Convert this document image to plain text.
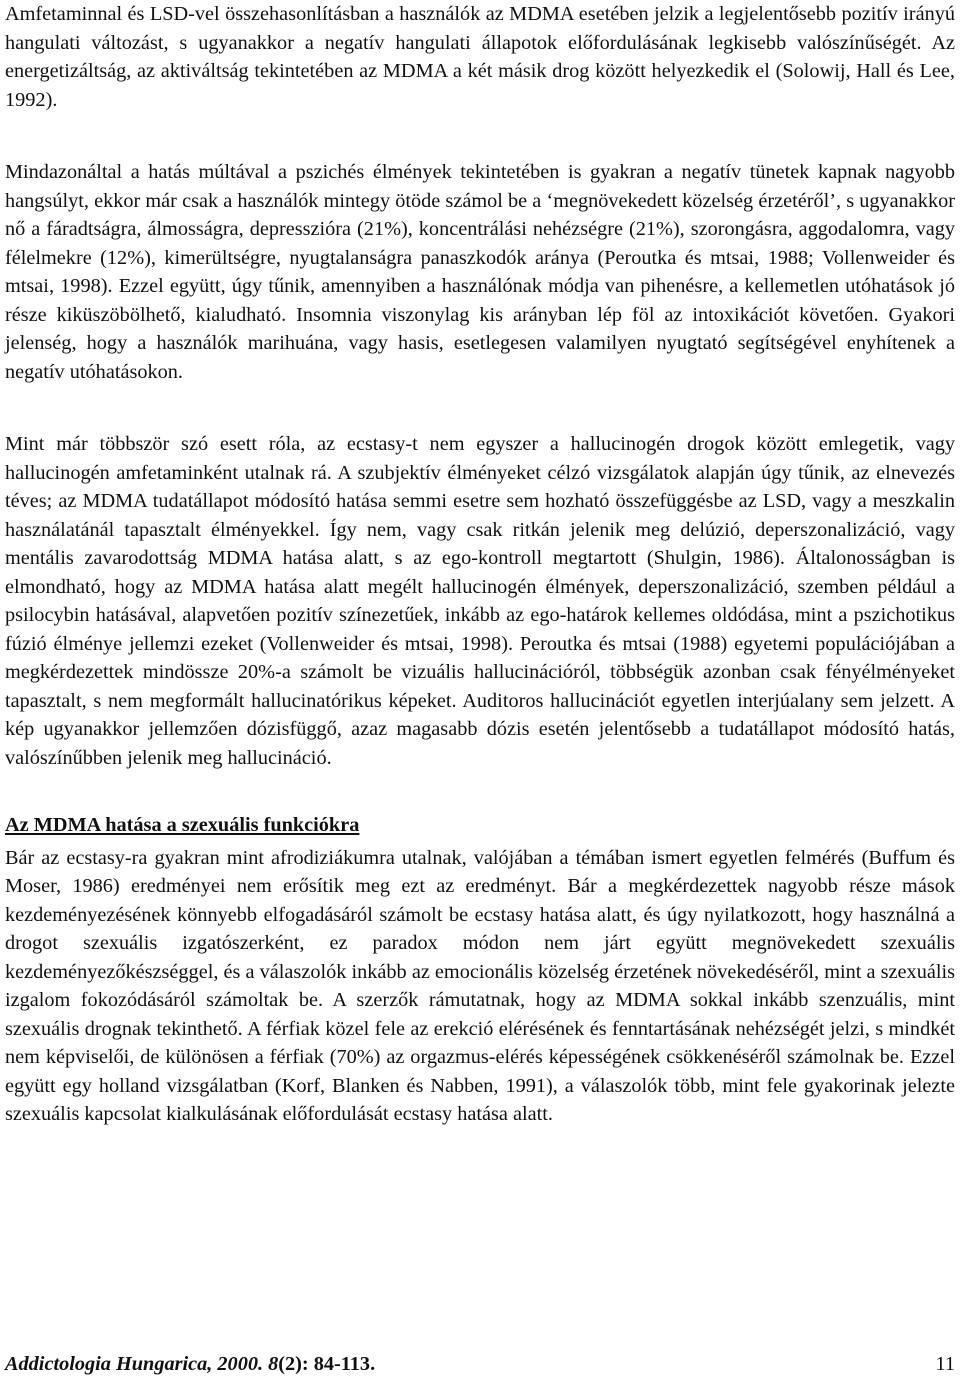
Amfetaminnal és LSD-vel összehasonlításban a használók az MDMA esetében jelzik a legjelentősebb pozitív irányú hangulati változást, s ugyanakkor a negatív hangulati állapotok előfordulásának legkisebb valószínűségét. Az energetizáltság, az aktiváltság tekintetében az MDMA a két másik drog között helyezkedik el (Solowij, Hall és Lee, 1992).

Mindazonáltal a hatás múltával a pszichés élmények tekintetében is gyakran a negatív tünetek kapnak nagyobb hangsúlyt, ekkor már csak a használók mintegy ötöde számol be a ‘megnövekedett közelség érzetéről’, s ugyanakkor nő a fáradtságra, álmosságra, depresszióra (21%), koncentrálási nehézségre (21%), szorongásra, aggodalomra, vagy félelmekre (12%), kimerültségre, nyugtalanságra panaszkodók aránya (Peroutka és mtsai, 1988; Vollenweider és mtsai, 1998). Ezzel együtt, úgy tűnik, amennyiben a használónak módja van pihenésre, a kellemetlen utóhatások jó része kiküszöbölhető, kialudható. Insomnia viszonylag kis arányban lép föl az intoxikációt követően. Gyakori jelenség, hogy a használók marihuána, vagy hasis, esetlegesen valamilyen nyugtató segítségével enyhítenek a negatív utóhatásokon.

Mint már többször szó esett róla, az ecstasy-t nem egyszer a hallucinogén drogok között emlegetik, vagy hallucinogén amfetaminként utalnak rá. A szubjektív élményeket célzó vizsgálatok alapján úgy tűnik, az elnevezés téves; az MDMA tudatállapot módosító hatása semmi esetre sem hozható összefüggésbe az LSD, vagy a meszkalin használatánál tapasztalt élményekkel. Így nem, vagy csak ritkán jelenik meg delúzió, deperszonalizáció, vagy mentális zavarodottság MDMA hatása alatt, s az ego-kontroll megtartott (Shulgin, 1986). Általonosságban is elmondható, hogy az MDMA hatása alatt megélt hallucinogén élmények, deperszonalizáció, szemben például a psilocybin hatásával, alapvetően pozitív színezetűek, inkább az ego-határok kellemes oldódása, mint a pszichotikus fúzió élménye jellemzi ezeket (Vollenweider és mtsai, 1998). Peroutka és mtsai (1988) egyetemi populációjában a megkérdezettek mindössze 20%-a számolt be vizuális hallucinációról, többségük azonban csak fényélményeket tapasztalt, s nem megformált hallucinatórikus képeket. Auditoros hallucinációt egyetlen interjúalany sem jelzett. A kép ugyanakkor jellemzően dózisfüggő, azaz magasabb dózis esetén jelentősebb a tudatállapot módosító hatás, valószínűbben jelenik meg hallucináció.

Az MDMA hatása a szexuális funkciókra

Bár az ecstasy-ra gyakran mint afrodiziákumra utalnak, valójában a témában ismert egyetlen felmérés (Buffum és Moser, 1986) eredményei nem erősítik meg ezt az eredményt. Bár a megkérdezettek nagyobb része mások kezdeményezésének könnyebb elfogadásáról számolt be ecstasy hatása alatt, és úgy nyilatkozott, hogy használná a drogot szexuális izgatószerként, ez paradox módon nem járt együtt megnövekedett szexuális kezdeményezőkészséggel, és a válaszolók inkább az emocionális közelség érzetének növekedéséről, mint a szexuális izgalom fokozódásáról számoltak be. A szerzők rámutatnak, hogy az MDMA sokkal inkább szenzuális, mint szexuális drognak tekinthető. A férfiak közel fele az erekció elérésének és fenntartásának nehézségét jelzi, s mindkét nem képviselői, de különösen a férfiak (70%) az orgazmus-elérés képességének csökkenéséről számolnak be. Ezzel együtt egy holland vizsgálatban (Korf, Blanken és Nabben, 1991), a válaszolók több, mint fele gyakorinak jelezte szexuális kapcsolat kialkulásának előfordulását ecstasy hatása alatt.

Addictologia Hungarica, 2000. 8(2): 84-113.	11
